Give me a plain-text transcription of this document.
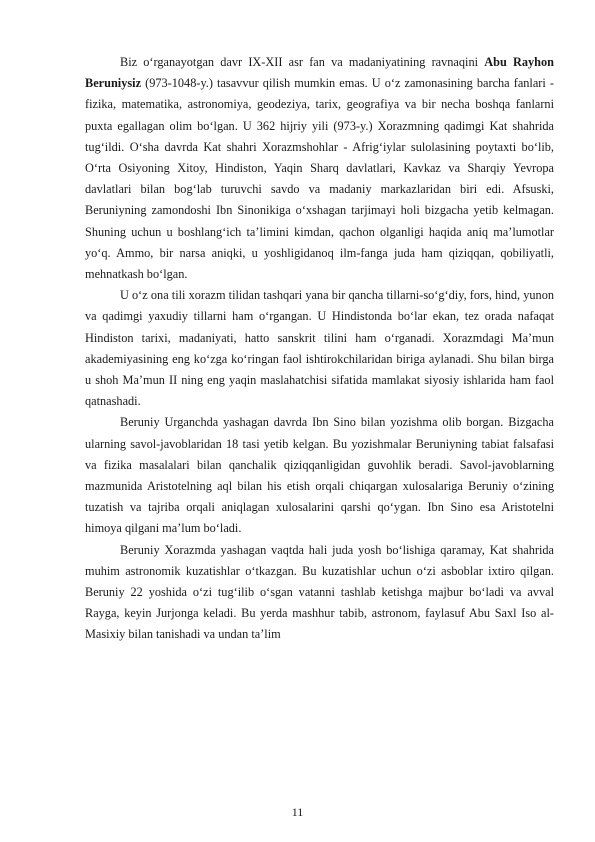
Biz o‘rganayotgan davr IX-XII asr fan va madaniyatining ravnaqini Abu Rayhon Beruniysiz (973-1048-y.) tasavvur qilish mumkin emas. U o‘z zamonasining barcha fanlari - fizika, matematika, astronomiya, geodeziya, tarix, geografiya va bir necha boshqa fanlarni puxta egallagan olim bo‘lgan. U 362 hijriy yili (973-y.) Xorazmning qadimgi Kat shahrida tug‘ildi. O‘sha davrda Kat shahri Xorazmshohlar - Afrig‘iylar sulolasining poytaxti bo‘lib, O‘rta Osiyoning Xitoy, Hindiston, Yaqin Sharq davlatlari, Kavkaz va Sharqiy Yevropa davlatlari bilan bog‘lab turuvchi savdo va madaniy markazlaridan biri edi. Afsuski, Beruniyning zamondoshi Ibn Sinonikiga o‘xshagan tarjimayi holi bizgacha yetib kelmagan. Shuning uchun u boshlang‘ich ta’limini kimdan, qachon olganligi haqida aniq ma’lumotlar yo‘q. Ammo, bir narsa aniqki, u yoshligidanoq ilm-fanga juda ham qiziqqan, qobiliyatli, mehnatkash bo‘lgan.

U o‘z ona tili xorazm tilidan tashqari yana bir qancha tillarni-so‘g‘diy, fors, hind, yunon va qadimgi yaxudiy tillarni ham o‘rgangan. U Hindistonda bo‘lar ekan, tez orada nafaqat Hindiston tarixi, madaniyati, hatto sanskrit tilini ham o‘rganadi. Xorazmdagi Ma’mun akademiyasining eng ko‘zga ko‘ringan faol ishtirokchilaridan biriga aylanadi. Shu bilan birga u shoh Ma’mun II ning eng yaqin maslahatchisi sifatida mamlakat siyosiy ishlarida ham faol qatnashadi.

Beruniy Urganchda yashagan davrda Ibn Sino bilan yozishma olib borgan. Bizgacha ularning savol-javoblaridan 18 tasi yetib kelgan. Bu yozishmalar Beruniyning tabiat falsafasi va fizika masalalari bilan qanchalik qiziqqanligidan guvohlik beradi. Savol-javoblarning mazmunida Aristotelning aql bilan his etish orqali chiqargan xulosalariga Beruniy o‘zining tuzatish va tajriba orqali aniqlagan xulosalarini qarshi qo‘ygan. Ibn Sino esa Aristotelni himoya qilgani ma’lum bo‘ladi.

Beruniy Xorazmda yashagan vaqtda hali juda yosh bo‘lishiga qaramay, Kat shahrida muhim astronomik kuzatishlar o‘tkazgan. Bu kuzatishlar uchun o‘zi asboblar ixtiro qilgan. Beruniy 22 yoshida o‘zi tug‘ilib o‘sgan vatanni tashlab ketishga majbur bo‘ladi va avval Rayga, keyin Jurjonga keladi. Bu yerda mashhur tabib, astronom, faylasuf Abu Saxl Iso al-Masixiy bilan tanishadi va undan ta’lim

11
